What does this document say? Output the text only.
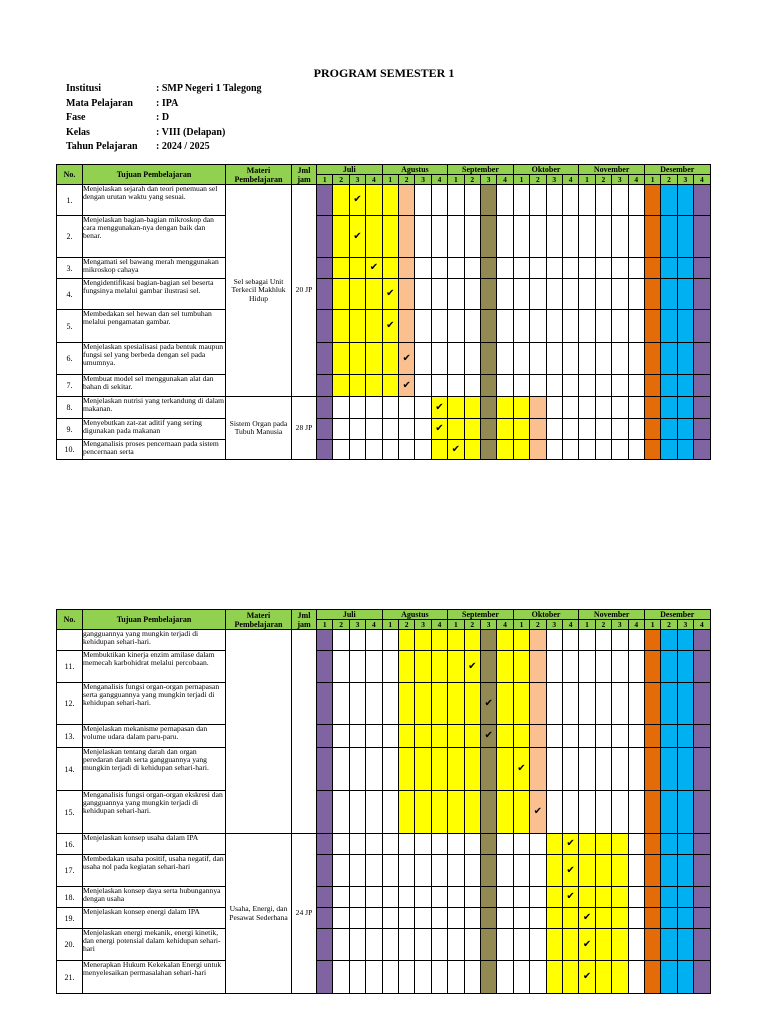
PROGRAM SEMESTER 1
Institusi	: SMP Negeri 1 Talegong
Mata Pelajaran	: IPA
Fase	: D
Kelas	: VIII (Delapan)
Tahun Pelajaran	: 2024 / 2025
No.	Tujuan Pembelajaran	Materi Pembelajaran	Jml jam	Juli				Agustus				September				Oktober				November				Desember			
				1	2	3	4	1	2	3	4	1	2	3	4	1	2	3	4	1	2	3	4	1	2	3	4
1.	Menjelaskan sejarah dan teori penemuan sel dengan urutan waktu yang sesuai.	Sel sebagai Unit Terkecil Makhluk Hidup	20 JP			✔																					
2.	Menjelaskan bagian-bagian mikroskop dan cara menggunakan-nya dengan baik dan benar.					✔																					
3.	Mengamati sel bawang merah menggunakan mikroskop cahaya						✔																				
4.	Mengidentifikasi bagian-bagian sel beserta fungsinya melalui gambar ilustrasi sel.							✔																			
5.	Membedakan sel hewan dan sel tumbuhan melalui pengamatan gambar.							✔																			
6.	Menjelaskan spesialisasi pada bentuk maupun fungsi sel yang berbeda dengan sel pada umumnya.								✔																		
7.	Membuat model sel menggunakan alat dan bahan di sekitar.								✔																		
8.	Menjelaskan nutrisi yang terkandung di dalam makanan.	Sistem Organ pada Tubuh Manusia	28 JP								✔																
9.	Menyebutkan zat-zat aditif yang sering digunakan pada makanan										✔																
10.	Menganalisis proses pencernaan pada sistem pencernaan serta											✔															
No.	Tujuan Pembelajaran	Materi Pembelajaran	Jml jam	Juli				Agustus				September				Oktober				November				Desember			
				1	2	3	4	1	2	3	4	1	2	3	4	1	2	3	4	1	2	3	4	1	2	3	4
	gangguannya yang mungkin terjadi di kehidupan sehari-hari.																										
11.	Membuktikan kinerja enzim amilase dalam memecah karbohidrat melalui percobaan.												✔														
12.	Menganalisis fungsi organ-organ pernapasan serta gangguannya yang mungkin terjadi di kehidupan sehari-hari.													✔													
13.	Menjelaskan mekanisme pernapasan dan volume udara dalam paru-paru.													✔													
14.	Menjelaskan tentang darah dan organ peredaran darah serta gangguannya yang mungkin terjadi di kehidupan sehari-hari.															✔											
15.	Menganalisis fungsi organ-organ ekskresi dan gangguannya yang mungkin terjadi di kehidupan sehari-hari.																✔										
16.	Menjelaskan konsep usaha dalam IPA	Usaha, Energi, dan Pesawat Sederhana	24 JP																✔								
17.	Membedakan usaha positif, usaha negatif, dan usaha nol pada kegiatan sehari-hari																		✔								
18.	Menjelaskan konsep daya serta hubungannya dengan usaha																		✔								
19.	Menjelaskan konsep energi dalam IPA																			✔							
20.	Menjelaskan energi mekanik, energi kinetik, dan energi potensial dalam kehidupan sehari-hari																			✔							
21.	Menerapkan Hukum Kekekalan Energi untuk menyelesaikan permasalahan sehari-hari																			✔							
